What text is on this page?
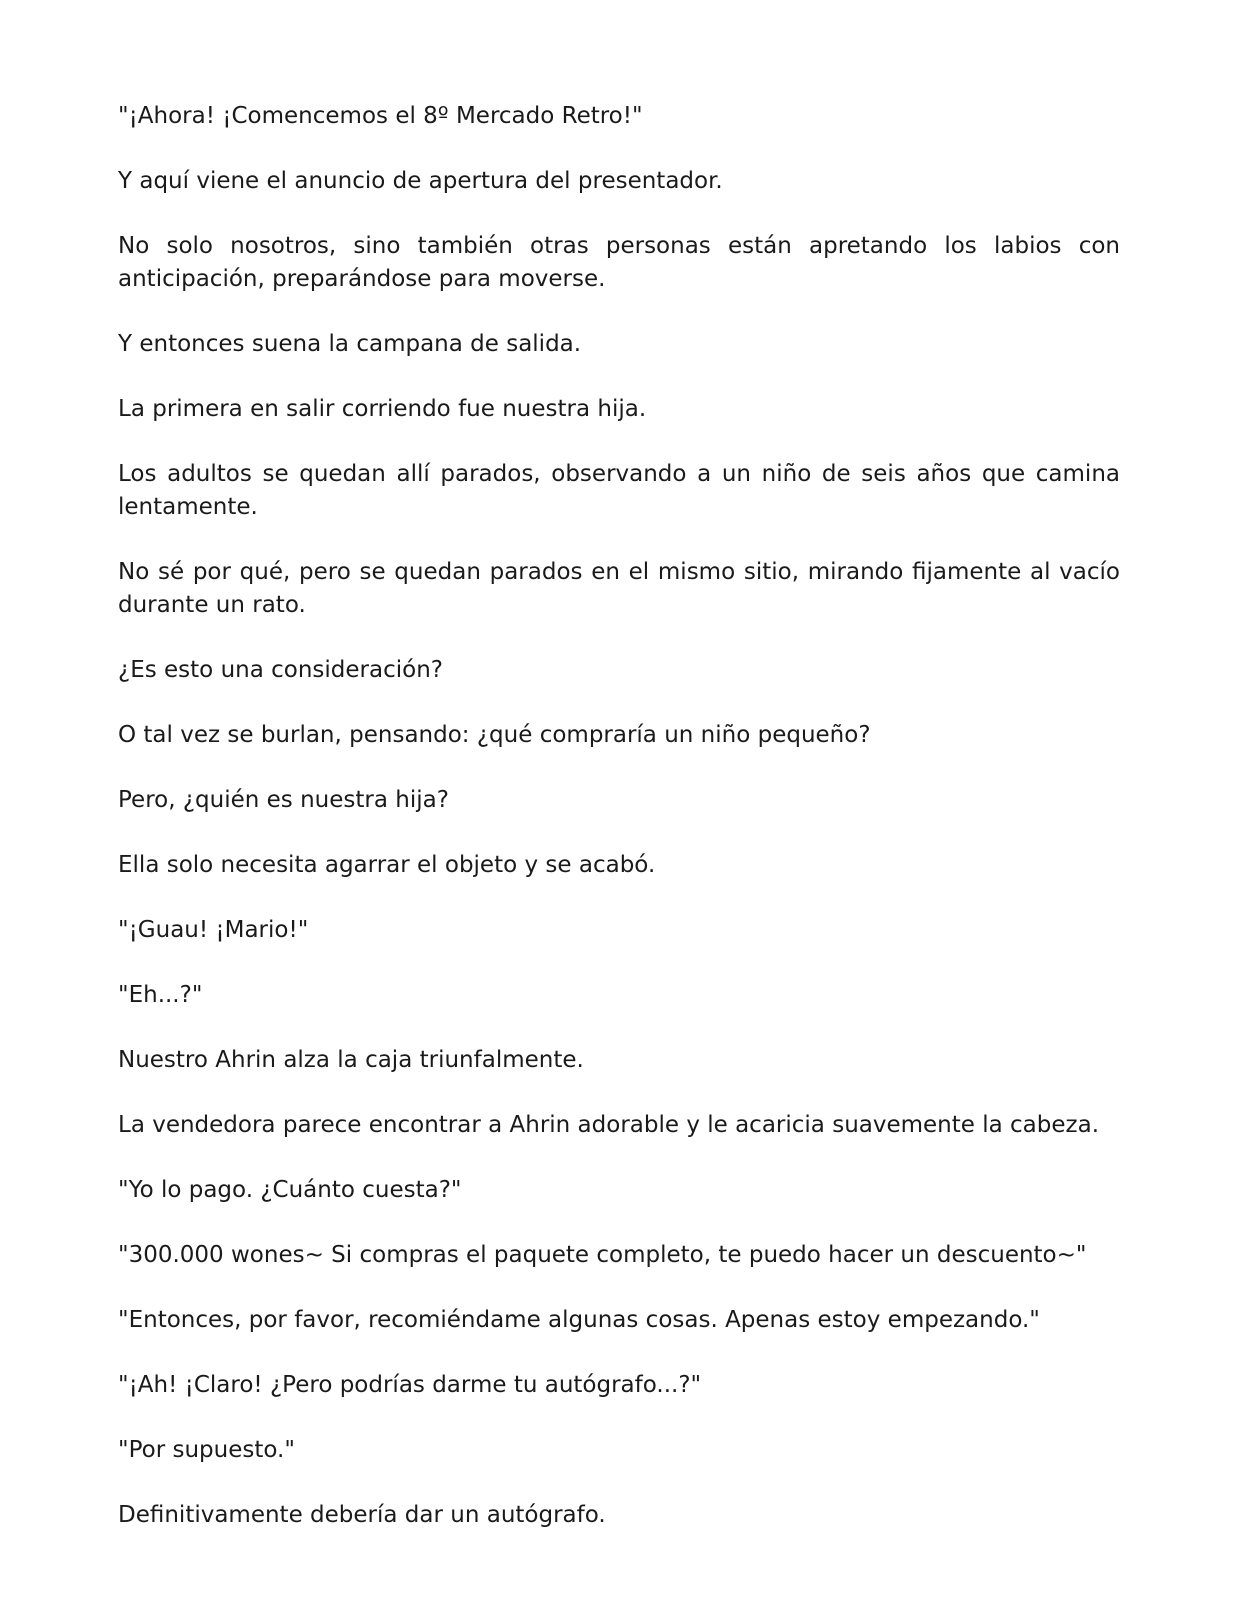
"¡Ahora! ¡Comencemos el 8º Mercado Retro!"

Y aquí viene el anuncio de apertura del presentador.

No solo nosotros, sino también otras personas están apretando los labios con anticipación, preparándose para moverse.

Y entonces suena la campana de salida.

La primera en salir corriendo fue nuestra hija.

Los adultos se quedan allí parados, observando a un niño de seis años que camina lentamente.

No sé por qué, pero se quedan parados en el mismo sitio, mirando fijamente al vacío durante un rato.

¿Es esto una consideración?

O tal vez se burlan, pensando: ¿qué compraría un niño pequeño?

Pero, ¿quién es nuestra hija?

Ella solo necesita agarrar el objeto y se acabó.

"¡Guau! ¡Mario!"

"Eh...?"

Nuestro Ahrin alza la caja triunfalmente.

La vendedora parece encontrar a Ahrin adorable y le acaricia suavemente la cabeza.

"Yo lo pago. ¿Cuánto cuesta?"

"300.000 wones~ Si compras el paquete completo, te puedo hacer un descuento~"

"Entonces, por favor, recomiéndame algunas cosas. Apenas estoy empezando."

"¡Ah! ¡Claro! ¿Pero podrías darme tu autógrafo...?"

"Por supuesto."

Definitivamente debería dar un autógrafo.
